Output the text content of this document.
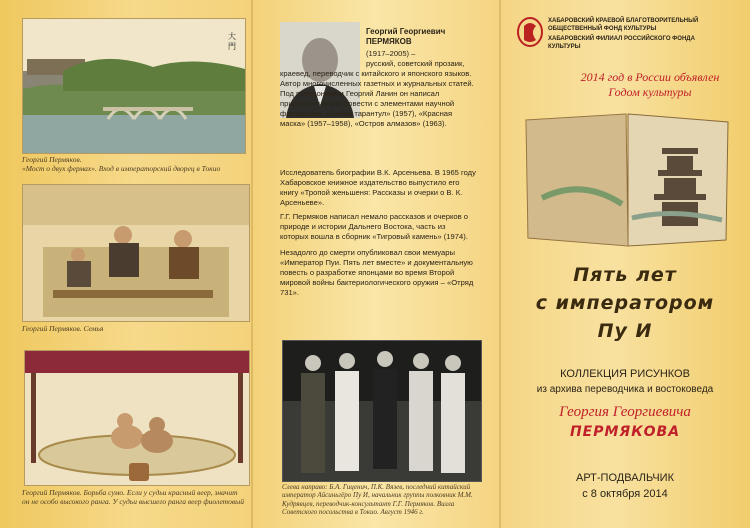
大
門
Георгий Пермяков.
«Мост о двух фермах». Вход в императорский дворец в Токио
Георгий Пермяков. Семья
Георгий Пермяков. Борьба сумо. Если у судьи красный веер, значит он не особо высокого ранга. У судьи высшего ранга веер фиолетовый
Георгий Георгиевич ПЕРМЯКОВ
(1917–2005) –
русский, советский прозаик, краевед, переводчик с китайского и японского языков. Автор многочисленных газетных и журнальных статей. Под псевдонимом Георгий Ланин он написал приключенческие повести с элементами научной фантастики: «Синий тарантул» (1957), «Красная маска» (1957–1958), «Остров алмазов» (1963).
Исследователь биографии В.К. Арсеньева. В 1965 году Хабаровское книжное издательство выпустило его книгу «Тропой женьшеня: Рассказы и очерки о В. К. Арсеньеве».
Г.Г. Пермяков написал немало рассказов и очерков о природе и истории Дальнего Востока, часть из которых вошла в сборник «Тигровый камень» (1974).
Незадолго до смерти опубликовал свои мемуары «Император Пуи. Пять лет вместе» и документальную повесть о разработке японцами во время Второй мировой войны бактериологического оружия – «Отряд 731».
Слева направо: Б.А. Гиценич, П.К. Вязев, последний китайский император Айсиньгёро Пу И, начальник группы полковник М.М. Кудрявцев, переводчик-консультант Г.Г. Пермяков. Вилла Советского посольства в Токио. Август 1946 г.
ХАБАРОВСКИЙ КРАЕВОЙ БЛАГОТВОРИТЕЛЬНЫЙ ОБЩЕСТВЕННЫЙ ФОНД КУЛЬТУРЫ
ХАБАРОВСКИЙ ФИЛИАЛ РОССИЙСКОГО ФОНДА КУЛЬТУРЫ
2014 год в России объявлен
Годом культуры
Пять лет
с императором
Пу И
КОЛЛЕКЦИЯ РИСУНКОВ
из архива переводчика и востоковеда
Георгия Георгиевича
ПЕРМЯКОВА
АРТ-ПОДВАЛЬЧИК
с 8 октября 2014
